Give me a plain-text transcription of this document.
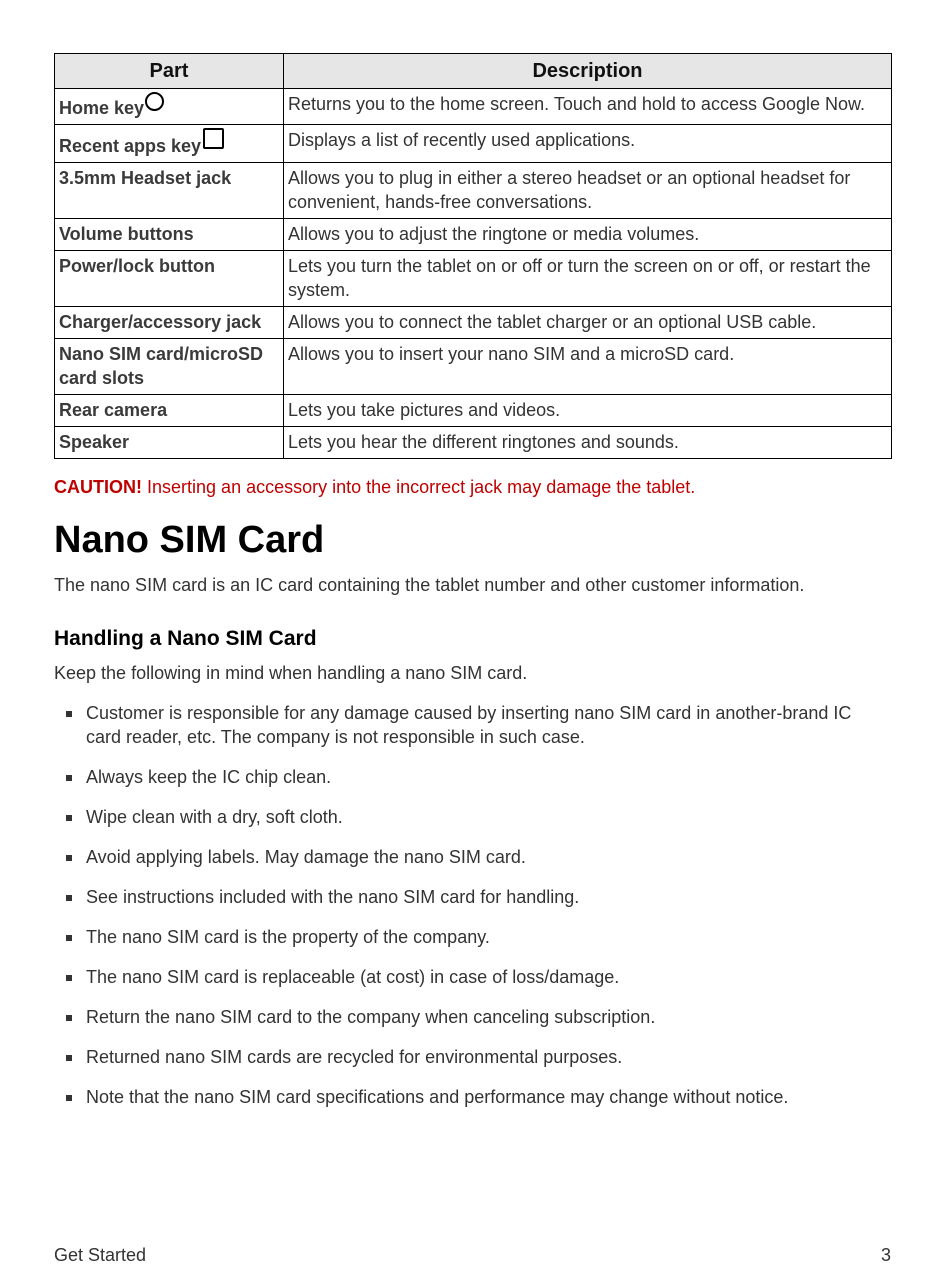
Part	Description
Home key	Returns you to the home screen. Touch and hold to access Google Now.
Recent apps key	Displays a list of recently used applications.
3.5mm Headset jack	Allows you to plug in either a stereo headset or an optional headset for convenient, hands-free conversations.
Volume buttons	Allows you to adjust the ringtone or media volumes.
Power/lock button	Lets you turn the tablet on or off or turn the screen on or off, or restart the system.
Charger/accessory jack	Allows you to connect the tablet charger or an optional USB cable.
Nano SIM card/microSD card slots	Allows you to insert your nano SIM and a microSD card.
Rear camera	Lets you take pictures and videos.
Speaker	Lets you hear the different ringtones and sounds.
CAUTION! Inserting an accessory into the incorrect jack may damage the tablet.
Nano SIM Card
The nano SIM card is an IC card containing the tablet number and other customer information.
Handling a Nano SIM Card
Keep the following in mind when handling a nano SIM card.
Customer is responsible for any damage caused by inserting nano SIM card in another-brand IC card reader, etc. The company is not responsible in such case.
Always keep the IC chip clean.
Wipe clean with a dry, soft cloth.
Avoid applying labels. May damage the nano SIM card.
See instructions included with the nano SIM card for handling.
The nano SIM card is the property of the company.
The nano SIM card is replaceable (at cost) in case of loss/damage.
Return the nano SIM card to the company when canceling subscription.
Returned nano SIM cards are recycled for environmental purposes.
Note that the nano SIM card specifications and performance may change without notice.
Get Started	3
